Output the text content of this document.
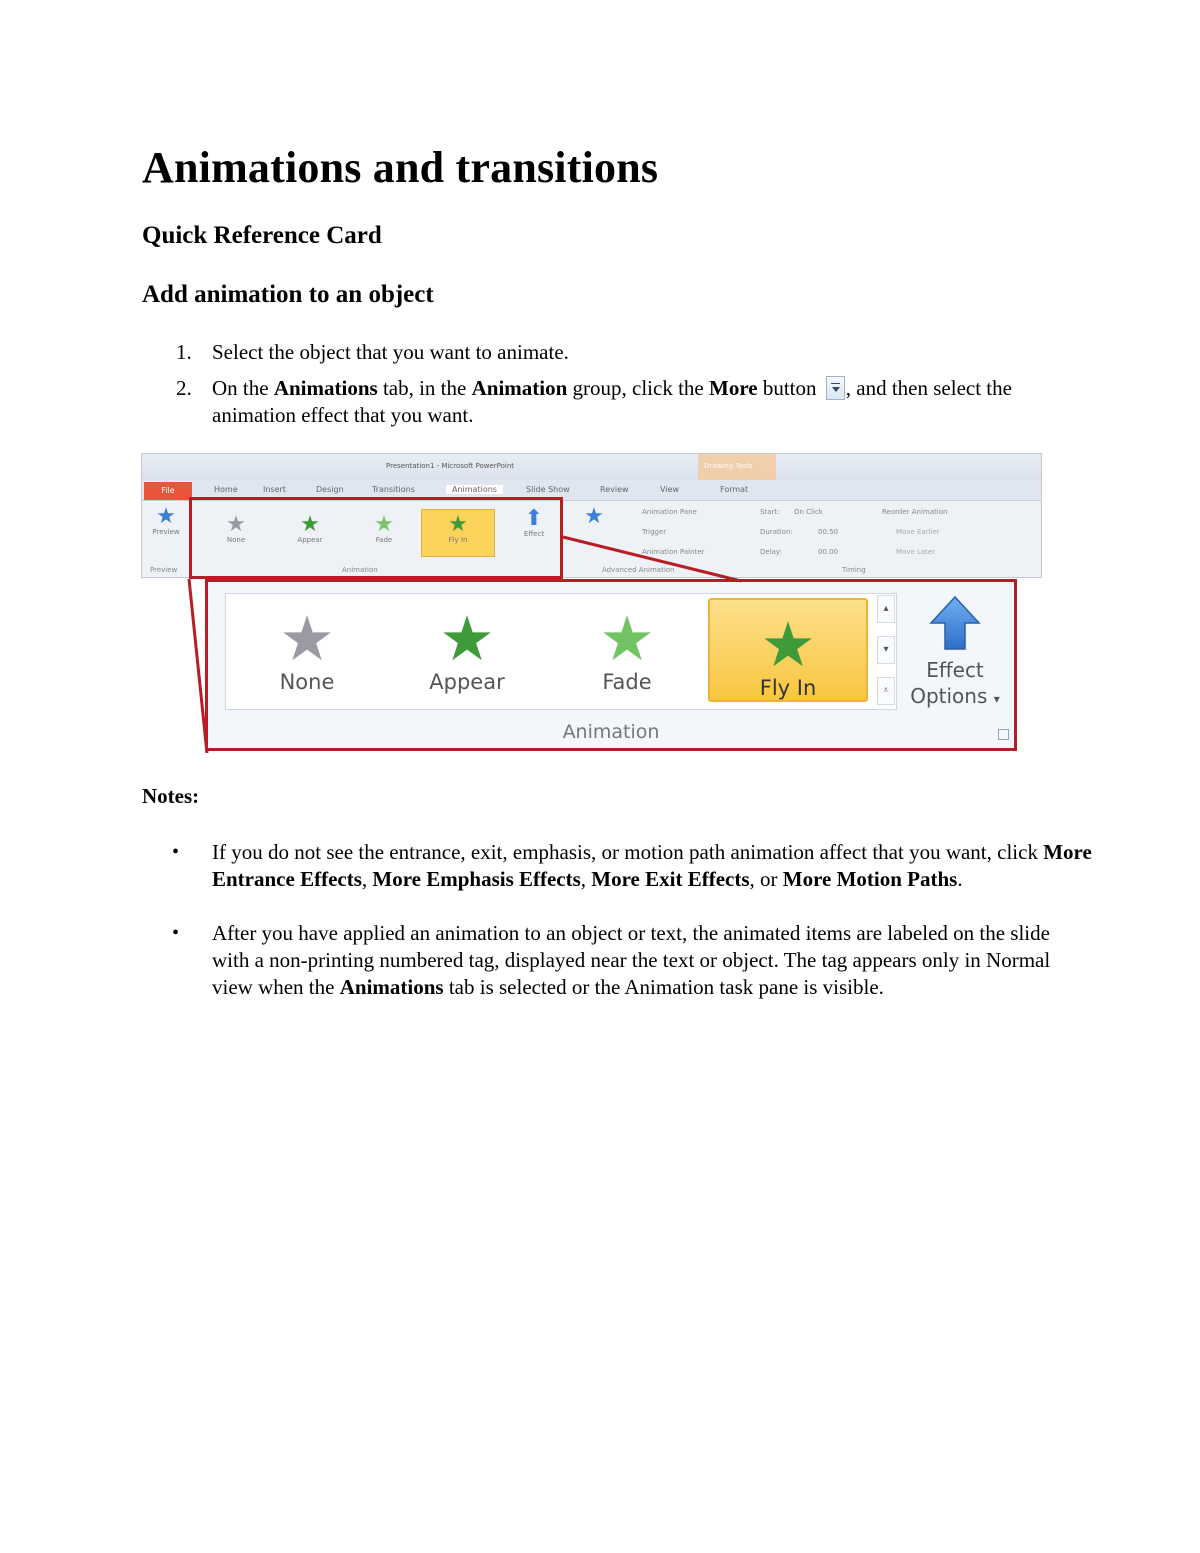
Animations and transitions
Quick Reference Card
Add animation to an object
1. Select the object that you want to animate.
2. On the Animations tab, in the Animation group, click the More button , and then select the animation effect that you want.
Presentation1 - Microsoft PowerPoint	Drawing Tools
Home	Insert	Design	Transitions	Animations	Slide Show	Review	View	Format
File
★
Preview
Preview
★
None
★
Appear
★
Fade
★
Fly In
⬆
Effect
Animation
★	Animation Pane
Trigger
Animation Painter
Advanced Animation
Start: On Click
Duration:	00.50
Delay:	00.00
Reorder Animation
Move Earlier
Move Later
Timing
★
None
★
Appear
★
Fade
★
Fly In
▴
▾
⩡
Effect
Options ▾
Animation
Notes:
• If you do not see the entrance, exit, emphasis, or motion path animation affect that you want, click More Entrance Effects, More Emphasis Effects, More Exit Effects, or More Motion Paths.
• After you have applied an animation to an object or text, the animated items are labeled on the slide with a non-printing numbered tag, displayed near the text or object. The tag appears only in Normal view when the Animations tab is selected or the Animation task pane is visible.
